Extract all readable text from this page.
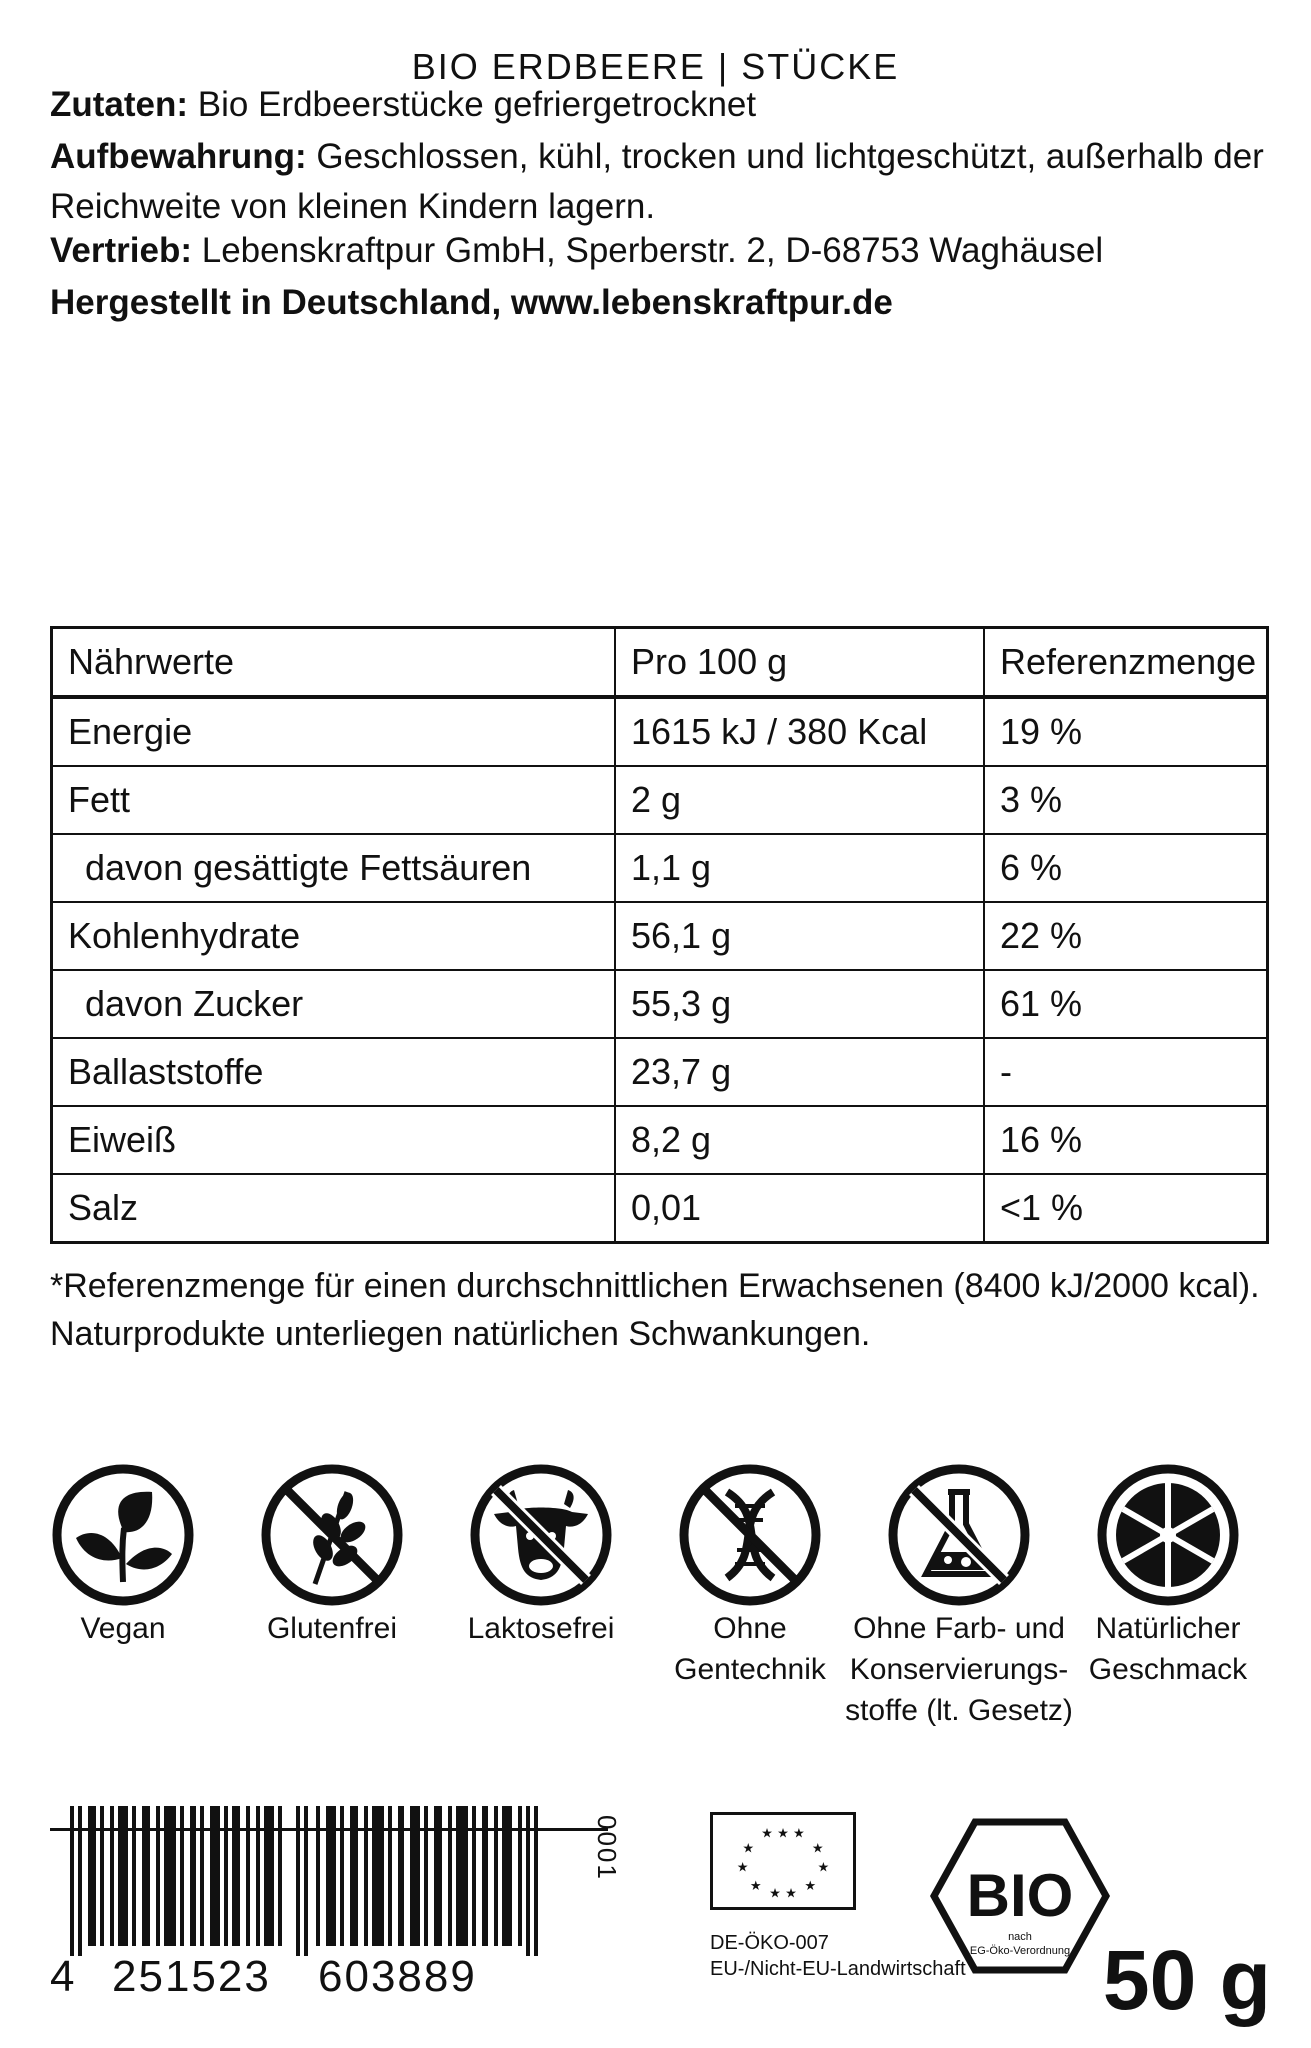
BIO ERDBEERE | STÜCKE
Zutaten: Bio Erdbeerstücke gefriergetrocknet
Aufbewahrung: Geschlossen, kühl, trocken und lichtgeschützt, außerhalb der Reichweite von kleinen Kindern lagern.
Vertrieb: Lebenskraftpur GmbH, Sperberstr. 2, D-68753 Waghäusel
Hergestellt in Deutschland, www.lebenskraftpur.de
Nährwerte	Pro 100 g	Referenzmenge
Energie	1615 kJ / 380 Kcal	19 %
Fett	2 g	3 %
davon gesättigte Fettsäuren	1,1 g	6 %
Kohlenhydrate	56,1 g	22 %
davon Zucker	55,3 g	61 %
Ballaststoffe	23,7 g	-
Eiweiß	8,2 g	16 %
Salz	0,01	<1 %
*Referenzmenge für einen durchschnittlichen Erwachsenen (8400 kJ/2000 kcal).
Naturprodukte unterliegen natürlichen Schwankungen.
Vegan	Glutenfrei	Laktosefrei	Ohne
Gentechnik
Ohne Farb- und
Konservierungs-
stoffe (lt. Gesetz)
Natürlicher
Geschmack
4 251523 603889
0001	★ ★ ★
★	★
★	★
★	★
★ ★
DE-ÖKO-007
EU-/Nicht-EU-Landwirtschaft
BIO
nach
EG-Öko-Verordnung 50 g
